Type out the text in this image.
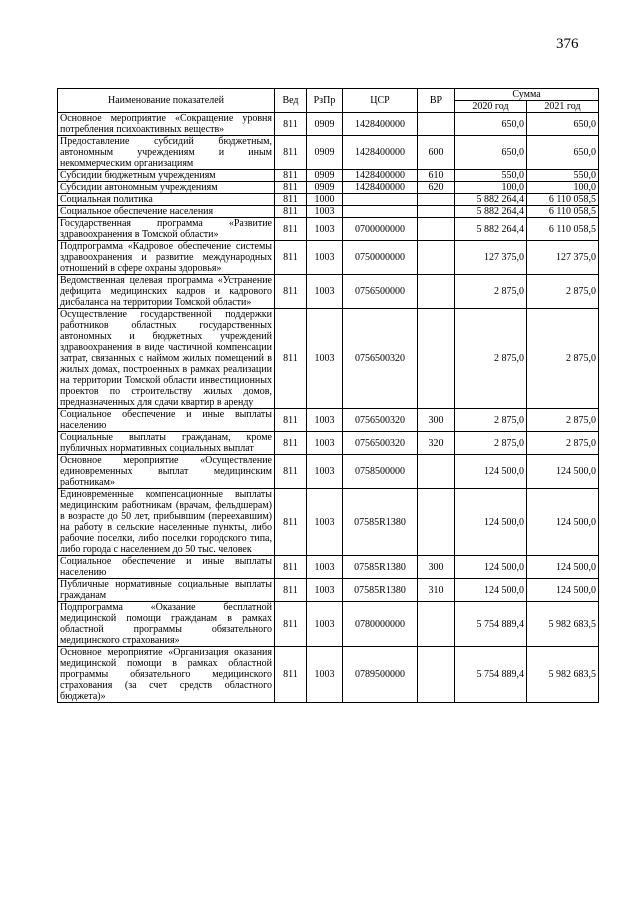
376
Наименование показателей	Вед	РзПр	ЦСР	ВР	Сумма	
					2020 год	2021 год
Основное мероприятие «Сокращение уровня потребления психоактивных веществ»	811	0909	1428400000		650,0	650,0
Предоставление субсидий бюджетным, автономным учреждениям и иным некоммерческим организациям	811	0909	1428400000	600	650,0	650,0
Субсидии бюджетным учреждениям	811	0909	1428400000	610	550,0	550,0
Субсидии автономным учреждениям	811	0909	1428400000	620	100,0	100,0
Социальная политика	811	1000			5 882 264,4	6 110 058,5
Социальное обеспечение населения	811	1003			5 882 264,4	6 110 058,5
Государственная программа «Развитие здравоохранения в Томской области»	811	1003	0700000000		5 882 264,4	6 110 058,5
Подпрограмма «Кадровое обеспечение системы здравоохранения и развитие международных отношений в сфере охраны здоровья»	811	1003	0750000000		127 375,0	127 375,0
Ведомственная целевая программа «Устранение дефицита медицинских кадров и кадрового дисбаланса на территории Томской области»	811	1003	0756500000		2 875,0	2 875,0
Осуществление государственной поддержки работников областных государственных автономных и бюджетных учреждений здравоохранения в виде частичной компенсации затрат, связанных с наймом жилых помещений в жилых домах, построенных в рамках реализации на территории Томской области инвестиционных проектов по строительству жилых домов, предназначенных для сдачи квартир в аренду	811	1003	0756500320		2 875,0	2 875,0
Социальное обеспечение и иные выплаты населению	811	1003	0756500320	300	2 875,0	2 875,0
Социальные выплаты гражданам, кроме публичных нормативных социальных выплат	811	1003	0756500320	320	2 875,0	2 875,0
Основное мероприятие «Осуществление единовременных выплат медицинским работникам»	811	1003	0758500000		124 500,0	124 500,0
Единовременные компенсационные выплаты медицинским работникам (врачам, фельдшерам) в возрасте до 50 лет, прибывшим (переехавшим) на работу в сельские населенные пункты, либо рабочие поселки, либо поселки городского типа, либо города с населением до 50 тыс. человек	811	1003	07585R1380		124 500,0	124 500,0
Социальное обеспечение и иные выплаты населению	811	1003	07585R1380	300	124 500,0	124 500,0
Публичные нормативные социальные выплаты гражданам	811	1003	07585R1380	310	124 500,0	124 500,0
Подпрограмма «Оказание бесплатной медицинской помощи гражданам в рамках областной программы обязательного медицинского страхования»	811	1003	0780000000		5 754 889,4	5 982 683,5
Основное мероприятие «Организация оказания медицинской помощи в рамках областной программы обязательного медицинского страхования (за счет средств областного бюджета)»	811	1003	0789500000		5 754 889,4	5 982 683,5
